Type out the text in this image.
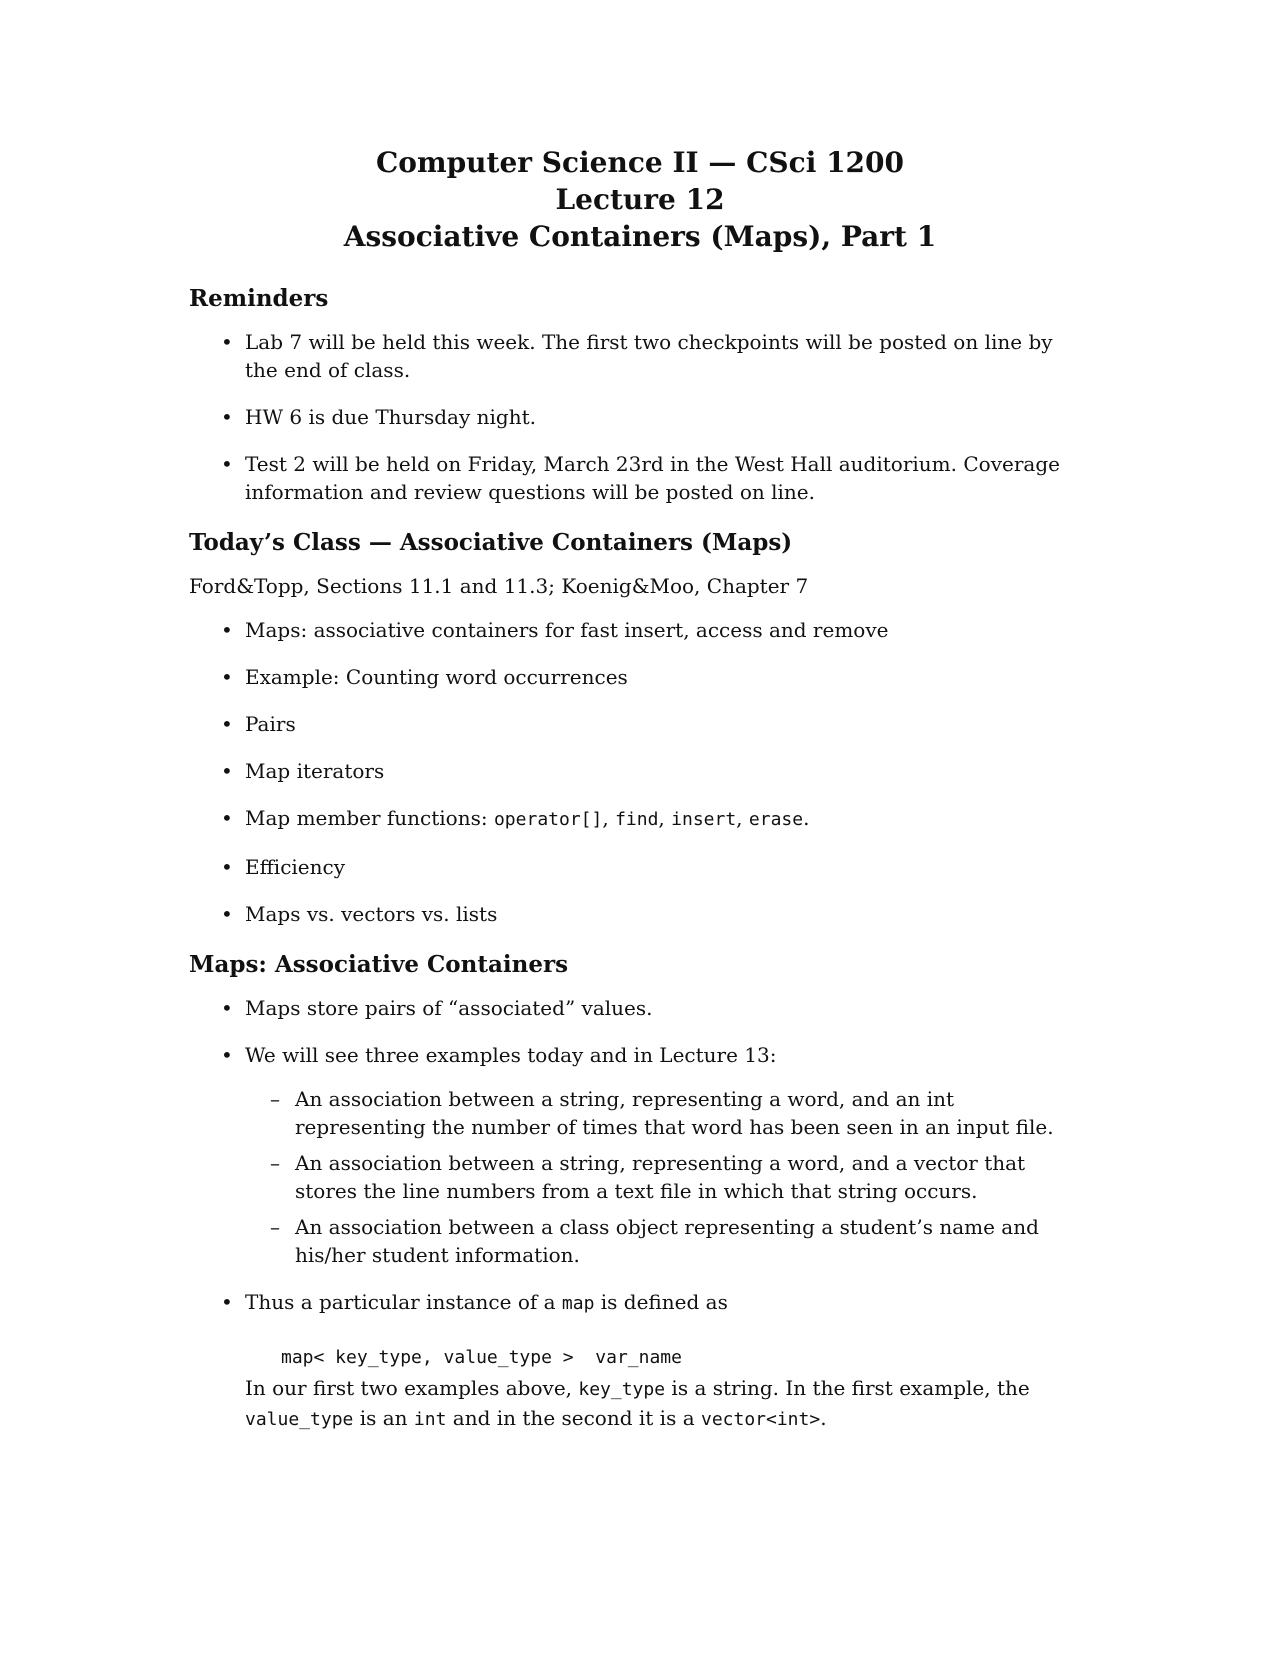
Computer Science II — CSci 1200
Lecture 12
Associative Containers (Maps), Part 1
Reminders
• Lab 7 will be held this week. The first two checkpoints will be posted on line by the end of class.
• HW 6 is due Thursday night.
• Test 2 will be held on Friday, March 23rd in the West Hall auditorium. Coverage information and review questions will be posted on line.
Today’s Class — Associative Containers (Maps)

Ford&Topp, Sections 11.1 and 11.3; Koenig&Moo, Chapter 7

• Maps: associative containers for fast insert, access and remove
• Example: Counting word occurrences
• Pairs
• Map iterators
• Map member functions: operator[], find, insert, erase.
• Efficiency
• Maps vs. vectors vs. lists
Maps: Associative Containers
• Maps store pairs of “associated” values.
• We will see three examples today and in Lecture 13:
– An association between a string, representing a word, and an int representing the number of times that word has been seen in an input file.
– An association between a string, representing a word, and a vector that stores the line numbers from a text file in which that string occurs.
– An association between a class object representing a student’s name and his/her student information.
• Thus a particular instance of a map is defined as
map< key_type, value_type >  var_name

In our first two examples above, key_type is a string. In the first example, the value_type is an int and in the second it is a vector<int>.
